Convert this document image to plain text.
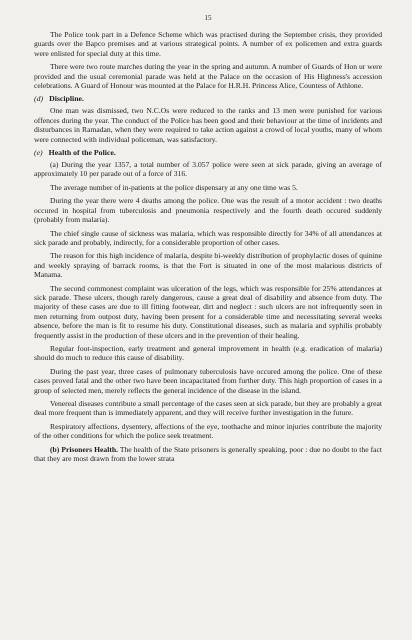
15

The Police took part in a Defence Scheme which was practised during the September crisis, they provided guards over the Bapco premises and at various strategical points. A number of ex policemen and extra guards were enlisted for special duty at this time.

There were two route marches during the year in the spring and autumn. A number of Guards of Hon ur were provided and the usual ceremonial parade was held at the Palace on the occasion of His Highness's accession celebrations. A Guard of Honour was mounted at the Palace for H.R.H. Princess Alice, Countess of Athlone.

(d) Discipline.

One man was dismissed, two N.C.Os were reduced to the ranks and 13 men were punished for various offences during the year. The conduct of the Police has been good and their behaviour at the time of incidents and disturbances in Ramadan, when they were required to take action against a crowd of local youths, many of whom were connected with individual policeman, was satisfactory.

(e) Health of the Police.

(a) During the year 1357, a total number of 3.057 police were seen at sick parade, giving an average of approximately 10 per parade out of a force of 316.

The average number of in-patients at the police dispensary at any one time was 5.

During the year there were 4 deaths among the police. One was the result of a motor accident : two deaths occured in hospital from tuberculosis and pneumonia respectively and the fourth death occured suddenly (probably from malaria).

The chief single cause of sickness was malaria, which was responsible directly for 34% of all attendances at sick parade and probably, indirectly, for a considerable proportion of other cases.

The reason for this high incidence of malaria, despite bi-weekly distribution of prophylactic doses of quinine and weekly spraying of barrack rooms, is that the Fort is situated in one of the most malarious districts of Manama.

The second commonest complaint was ulceration of the legs, which was responsible for 25% attendances at sick parade. These ulcers, though rarely dangerous, cause a great deal of disability and absence from duty. The majority of these cases are due to ill fitting footwear, dirt and neglect : such ulcers are not infrequently seen in men returning from outpost duty, having been present for a considerable time and necessitating several weeks absence, before the man is fit to resume his duty. Constitutional diseases, such as malaria and syphilis probably frequently assist in the production of these ulcers and in the prevention of their healing.

Regular foot-inspection, early treatment and general improvement in health (e.g. eradication of malaria) should do much to reduce this cause of disability.

During the past year, three cases of pulmonary tuberculosis have occured among the police. One of these cases proved fatal and the other two have been incapacitated from further duty. This high proportion of cases in a group of selected men, merely reflects the general incidence of the disease in the island.

Venereal diseases contribute a small percentage of the cases seen at sick parade, but they are probably a great deal more frequent than is immediately apparent, and they will receive further investigation in the future.

Respiratory affections, dysentery, affections of the eye, toothache and minor injuries contribute the majority of the other conditions for which the police seek treatment.

(b) Prisoners Health. The health of the State prisoners is generally speaking, poor : due no doubt to the fact that they are most drawn from the lower strata
